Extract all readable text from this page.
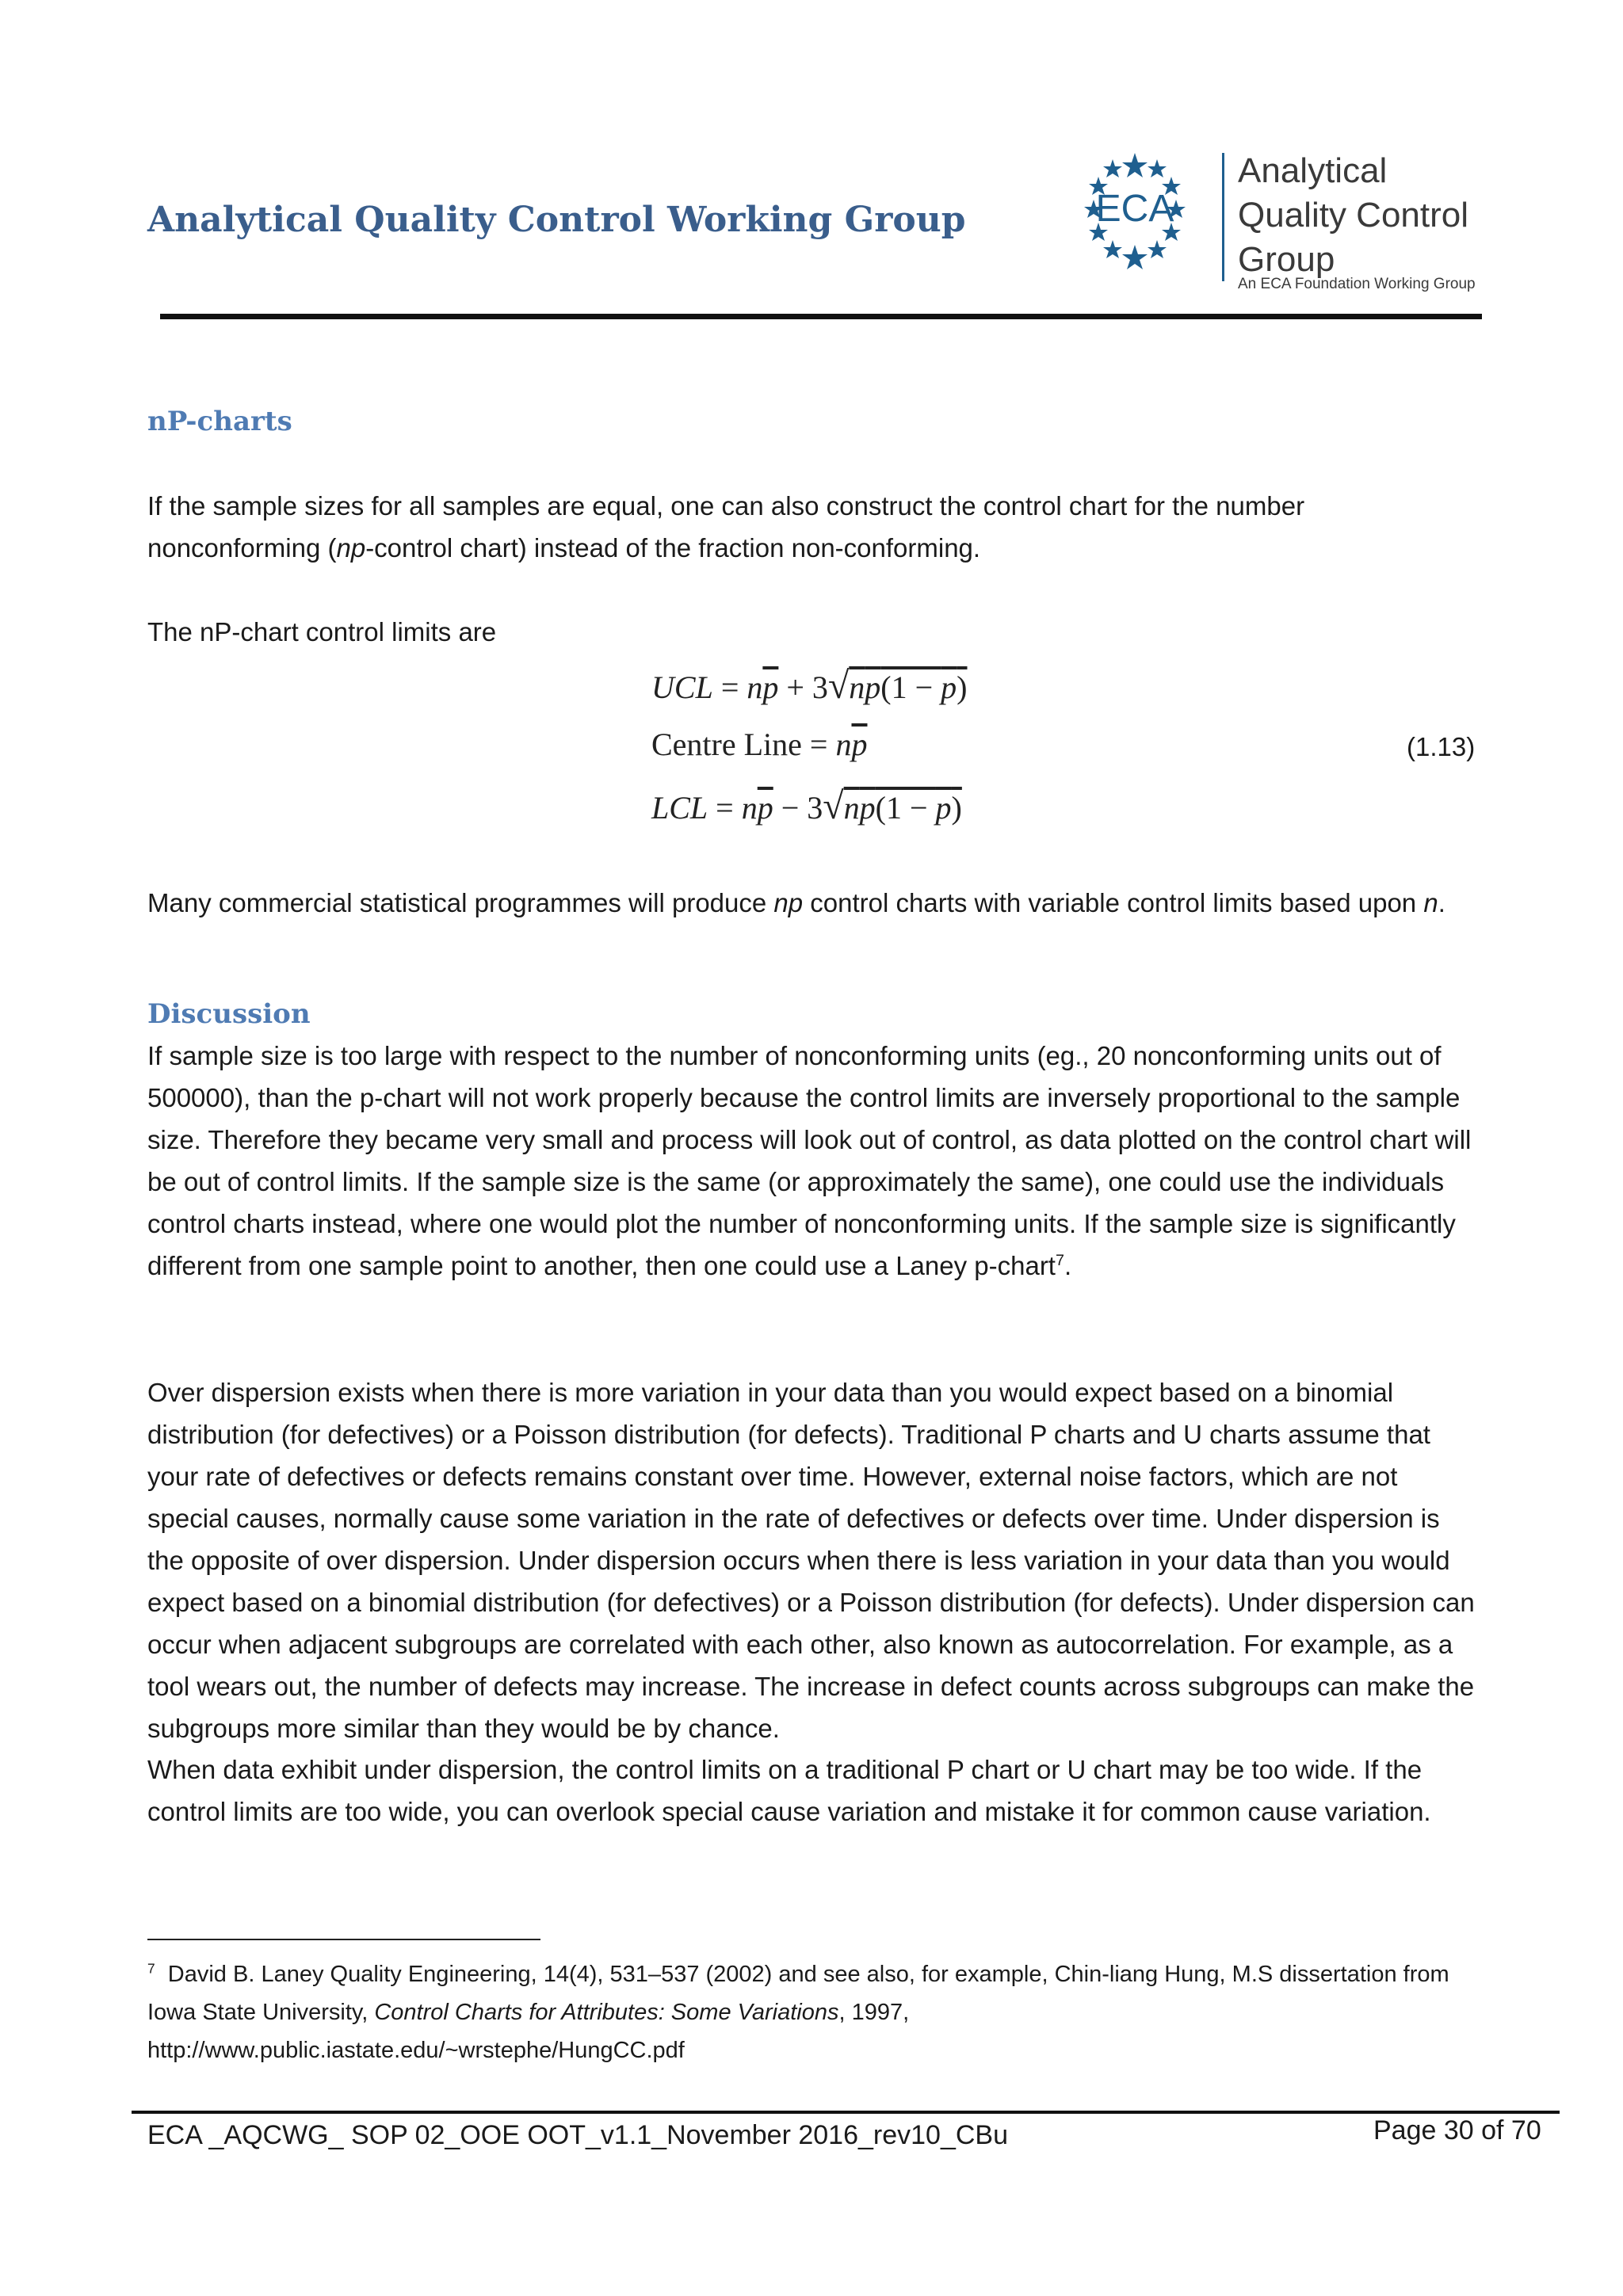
Analytical Quality Control Working Group	ECA
Analytical
Quality Control
Group
An ECA Foundation Working Group
nP-charts

If the sample sizes for all samples are equal, one can also construct the control chart for the number nonconforming (np-control chart) instead of the fraction non-conforming.

The nP-chart control limits are
UCL = $n\overline{p} + 3√np(1 - p)$
Centre Line = $n\overline{p}$
LCL = $n\overline{p} - 3√np(1 - p)$
(1.13)

Many commercial statistical programmes will produce np control charts with variable control limits based upon n.

Discussion

If sample size is too large with respect to the number of nonconforming units (eg., 20 nonconforming units out of 500000), than the p-chart will not work properly because the control limits are inversely proportional to the sample size. Therefore they became very small and process will look out of control, as data plotted on the control chart will be out of control limits. If the sample size is the same (or approximately the same), one could use the individuals control charts instead, where one would plot the number of nonconforming units. If the sample size is significantly different from one sample point to another, then one could use a Laney p-chart$^7$.

Over dispersion exists when there is more variation in your data than you would expect based on a binomial distribution (for defectives) or a Poisson distribution (for defects). Traditional P charts and U charts assume that your rate of defectives or defects remains constant over time. However, external noise factors, which are not special causes, normally cause some variation in the rate of defectives or defects over time. Under dispersion is the opposite of over dispersion. Under dispersion occurs when there is less variation in your data than you would expect based on a binomial distribution (for defectives) or a Poisson distribution (for defects). Under dispersion can occur when adjacent subgroups are correlated with each other, also known as autocorrelation. For example, as a tool wears out, the number of defects may increase. The increase in defect counts across subgroups can make the subgroups more similar than they would be by chance.
When data exhibit under dispersion, the control limits on a traditional P chart or U chart may be too wide. If the control limits are too wide, you can overlook special cause variation and mistake it for common cause variation.

$^7$ David B. Laney Quality Engineering, 14(4), 531–537 (2002) and see also, for example, Chin-liang Hung, M.S dissertation from Iowa State University, Control Charts for Attributes: Some Variations, 1997,

http://www.public.iastate.edu/~wrstephe/HungCC.pdf

ECA _AQCWG_ SOP 02_OOE OOT_v1.1_November 2016_rev10_CBu	Page 30 of 70
